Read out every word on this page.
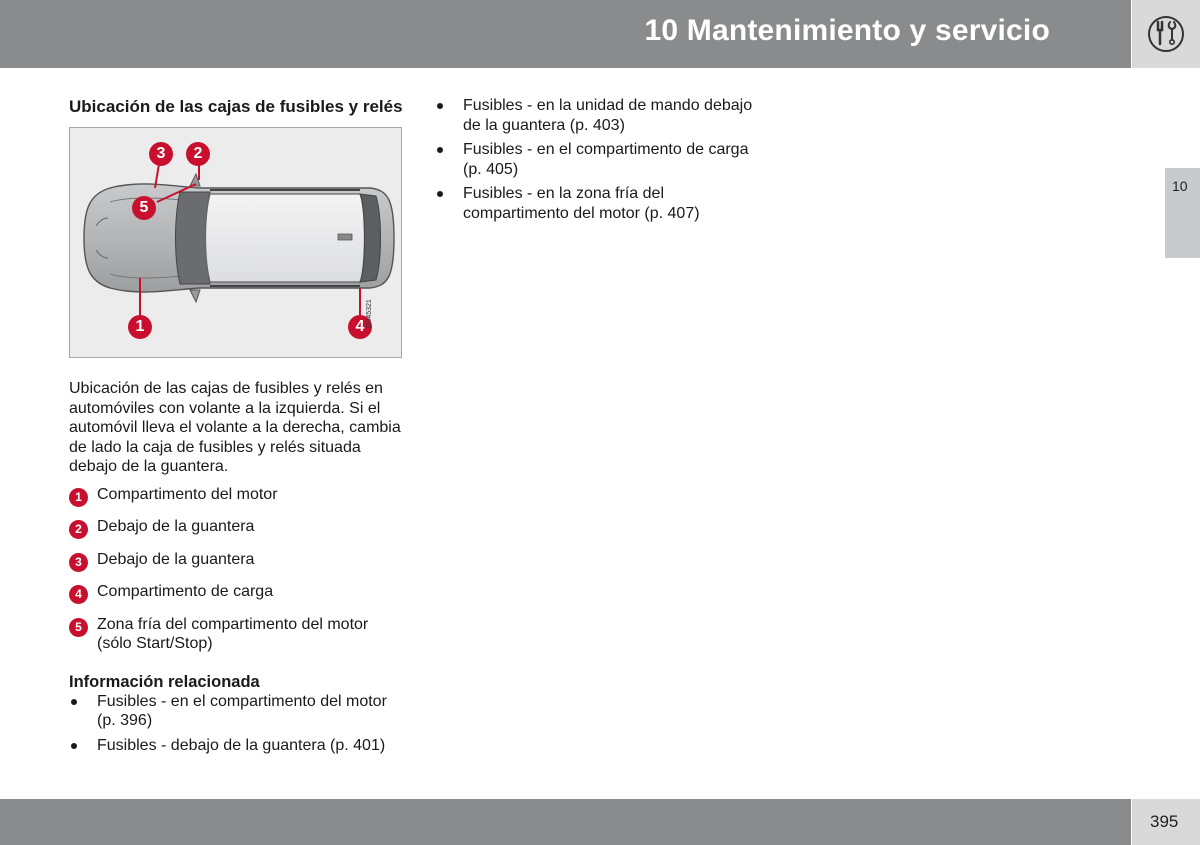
10 Mantenimiento y servicio
10
Ubicación de las cajas de fusibles y relés
3	2
5
1	4 G045321

Ubicación de las cajas de fusibles y relés en automóviles con volante a la izquierda. Si el automóvil lleva el volante a la derecha, cambia de lado la caja de fusibles y relés situada debajo de la guantera.

1 Compartimento del motor
2 Debajo de la guantera
3 Debajo de la guantera
4 Compartimento de carga
5 Zona fría del compartimento del motor (sólo Start/Stop)
Información relacionada
Fusibles - en el compartimento del motor (p. 396)
Fusibles - debajo de la guantera (p. 401)
Fusibles - en la unidad de mando debajo de la guantera (p. 403)
Fusibles - en el compartimento de carga (p. 405)
Fusibles - en la zona fría del compartimento del motor (p. 407)
395
